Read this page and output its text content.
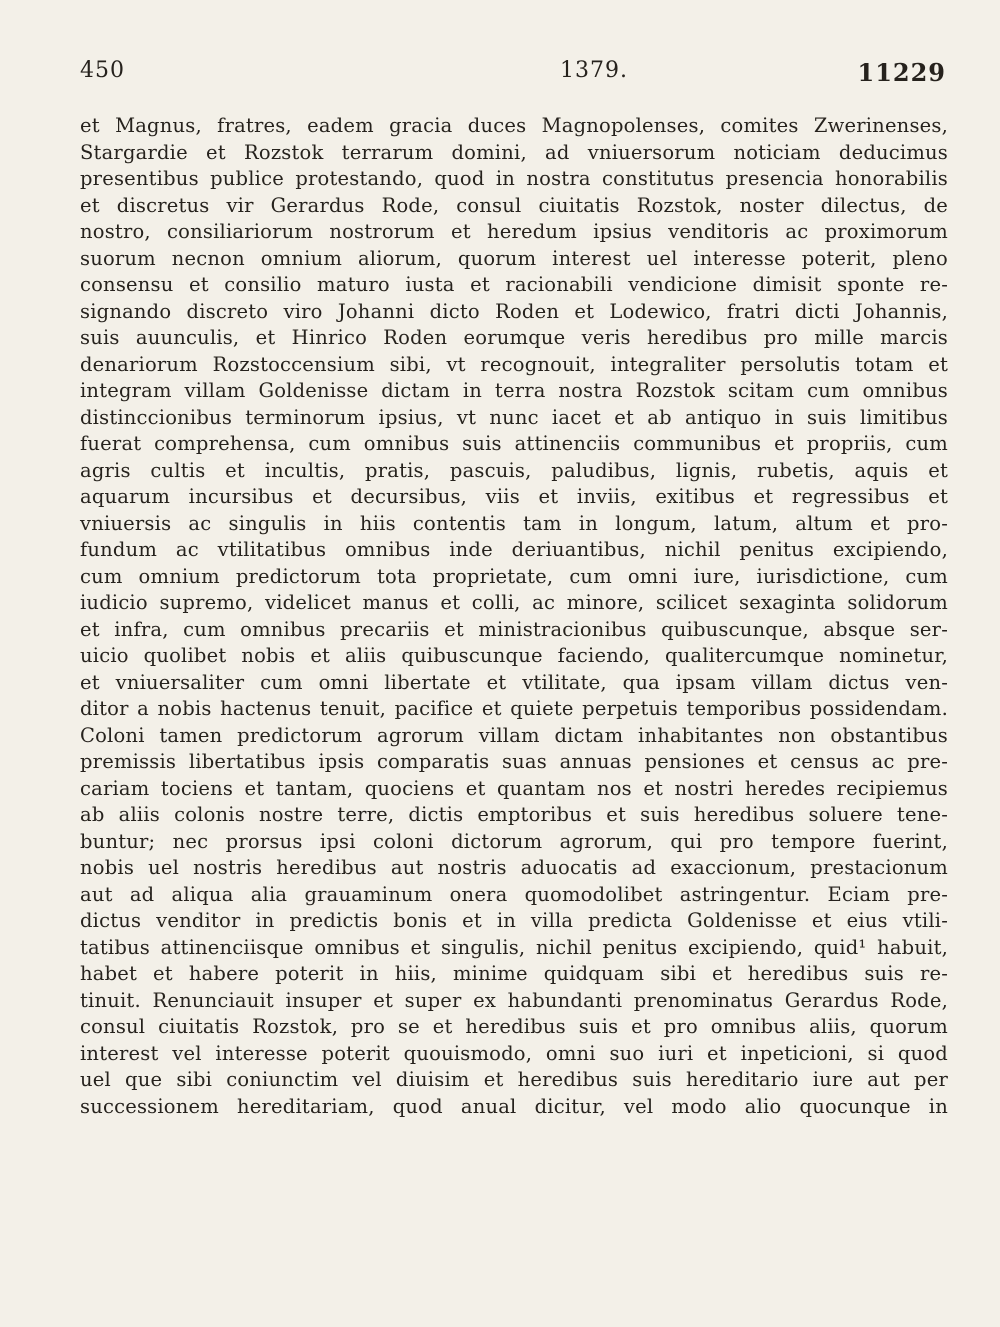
450	1379.	11229
et Magnus, fratres, eadem gracia duces Magnopolenses, comites Zwerinenses,
Stargardie et Rozstok terrarum domini, ad vniuersorum noticiam deducimus
presentibus publice protestando, quod in nostra constitutus presencia honorabilis
et discretus vir Gerardus Rode, consul ciuitatis Rozstok, noster dilectus, de
nostro, consiliariorum nostrorum et heredum ipsius venditoris ac proximorum
suorum necnon omnium aliorum, quorum interest uel interesse poterit, pleno
consensu et consilio maturo iusta et racionabili vendicione dimisit sponte re-
signando discreto viro Johanni dicto Roden et Lodewico, fratri dicti Johannis,
suis auunculis, et Hinrico Roden eorumque veris heredibus pro mille marcis
denariorum Rozstoccensium sibi, vt recognouit, integraliter persolutis totam et
integram villam Goldenisse dictam in terra nostra Rozstok scitam cum omnibus
distinccionibus terminorum ipsius, vt nunc iacet et ab antiquo in suis limitibus
fuerat comprehensa, cum omnibus suis attinenciis communibus et propriis, cum
agris cultis et incultis, pratis, pascuis, paludibus, lignis, rubetis, aquis et
aquarum incursibus et decursibus, viis et inviis, exitibus et regressibus et
vniuersis ac singulis in hiis contentis tam in longum, latum, altum et pro-
fundum ac vtilitatibus omnibus inde deriuantibus, nichil penitus excipiendo,
cum omnium predictorum tota proprietate, cum omni iure, iurisdictione, cum
iudicio supremo, videlicet manus et colli, ac minore, scilicet sexaginta solidorum
et infra, cum omnibus precariis et ministracionibus quibuscunque, absque ser-
uicio quolibet nobis et aliis quibuscunque faciendo, qualitercumque nominetur,
et vniuersaliter cum omni libertate et vtilitate, qua ipsam villam dictus ven-
ditor a nobis hactenus tenuit, pacifice et quiete perpetuis temporibus possidendam.
Coloni tamen predictorum agrorum villam dictam inhabitantes non obstantibus
premissis libertatibus ipsis comparatis suas annuas pensiones et census ac pre-
cariam tociens et tantam, quociens et quantam nos et nostri heredes recipiemus
ab aliis colonis nostre terre, dictis emptoribus et suis heredibus soluere tene-
buntur; nec prorsus ipsi coloni dictorum agrorum, qui pro tempore fuerint,
nobis uel nostris heredibus aut nostris aduocatis ad exaccionum, prestacionum
aut ad aliqua alia grauaminum onera quomodolibet astringentur. Eciam pre-
dictus venditor in predictis bonis et in villa predicta Goldenisse et eius vtili-
tatibus attinenciisque omnibus et singulis, nichil penitus excipiendo, quid¹ habuit,
habet et habere poterit in hiis, minime quidquam sibi et heredibus suis re-
tinuit. Renunciauit insuper et super ex habundanti prenominatus Gerardus Rode,
consul ciuitatis Rozstok, pro se et heredibus suis et pro omnibus aliis, quorum
interest vel interesse poterit quouismodo, omni suo iuri et inpeticioni, si quod
uel que sibi coniunctim vel diuisim et heredibus suis hereditario iure aut per
successionem hereditariam, quod anual dicitur, vel modo alio quocunque in
